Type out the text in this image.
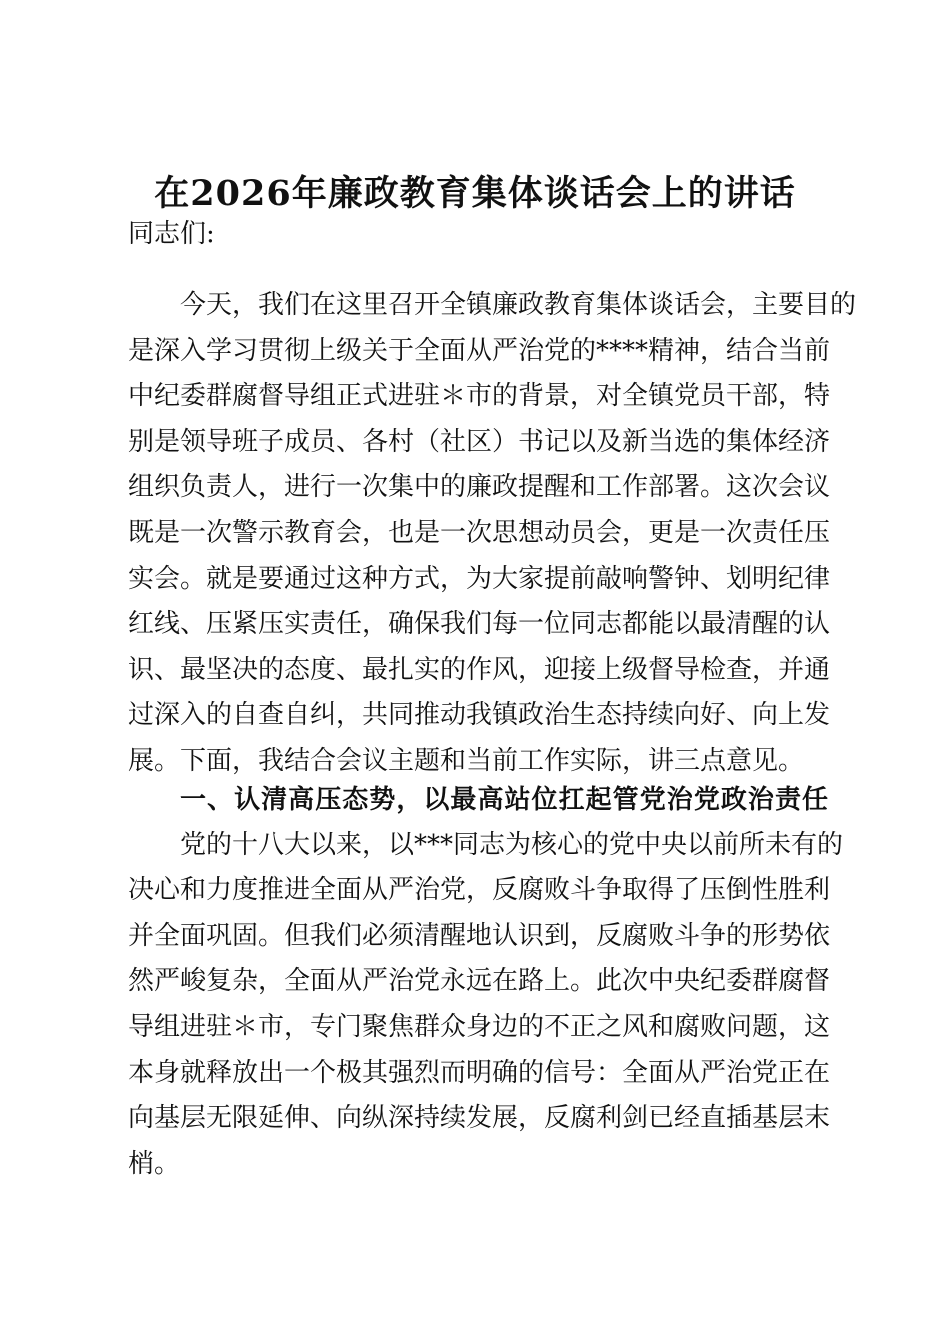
在2026年廉政教育集体谈话会上的讲话

同志们:

今天，我们在这里召开全镇廉政教育集体谈话会，主要目的

是深入学习贯彻上级关于全面从严治党的****精神，结合当前

中纪委群腐督导组正式进驻＊市的背景，对全镇党员干部，特

别是领导班子成员、各村（社区）书记以及新当选的集体经济

组织负责人，进行一次集中的廉政提醒和工作部署。这次会议

既是一次警示教育会，也是一次思想动员会，更是一次责任压

实会。就是要通过这种方式，为大家提前敲响警钟、划明纪律

红线、压紧压实责任，确保我们每一位同志都能以最清醒的认

识、最坚决的态度、最扎实的作风，迎接上级督导检查，并通

过深入的自查自纠，共同推动我镇政治生态持续向好、向上发

展。下面，我结合会议主题和当前工作实际，讲三点意见。

一、认清高压态势，以最高站位扛起管党治党政治责任

党的十八大以来，以***同志为核心的党中央以前所未有的

决心和力度推进全面从严治党，反腐败斗争取得了压倒性胜利

并全面巩固。但我们必须清醒地认识到，反腐败斗争的形势依

然严峻复杂，全面从严治党永远在路上。此次中央纪委群腐督

导组进驻＊市，专门聚焦群众身边的不正之风和腐败问题，这

本身就释放出一个极其强烈而明确的信号：全面从严治党正在

向基层无限延伸、向纵深持续发展，反腐利剑已经直插基层末

梢。
